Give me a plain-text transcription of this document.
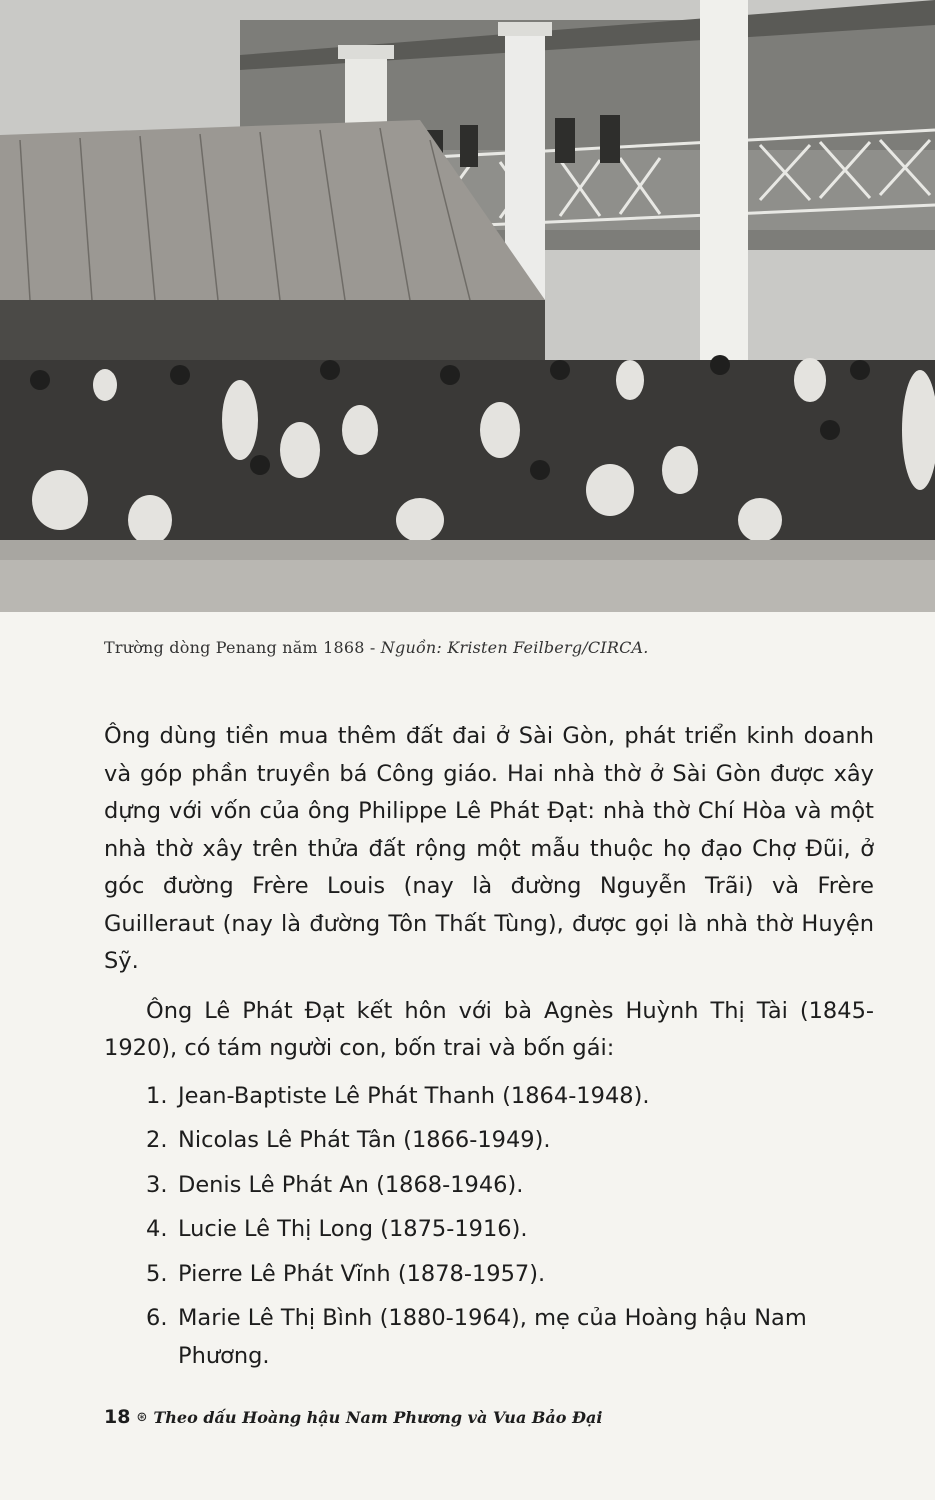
Trường dòng Penang năm 1868 - Nguồn: Kristen Feilberg/CIRCA.

Ông dùng tiền mua thêm đất đai ở Sài Gòn, phát triển kinh doanh và góp phần truyền bá Công giáo. Hai nhà thờ ở Sài Gòn được xây dựng với vốn của ông Philippe Lê Phát Đạt: nhà thờ Chí Hòa và một nhà thờ xây trên thửa đất rộng một mẫu thuộc họ đạo Chợ Đũi, ở góc đường Frère Louis (nay là đường Nguyễn Trãi) và Frère Guilleraut (nay là đường Tôn Thất Tùng), được gọi là nhà thờ Huyện Sỹ.

Ông Lê Phát Đạt kết hôn với bà Agnès Huỳnh Thị Tài (1845-1920), có tám người con, bốn trai và bốn gái:

1. Jean-Baptiste Lê Phát Thanh (1864-1948).
2. Nicolas Lê Phát Tân (1866-1949).
3. Denis Lê Phát An (1868-1946).
4. Lucie Lê Thị Long (1875-1916).
5. Pierre Lê Phát Vĩnh (1878-1957).
6. Marie Lê Thị Bình (1880-1964), mẹ của Hoàng hậu Nam Phương.
18 ⊛ Theo dấu Hoàng hậu Nam Phương và Vua Bảo Đại
